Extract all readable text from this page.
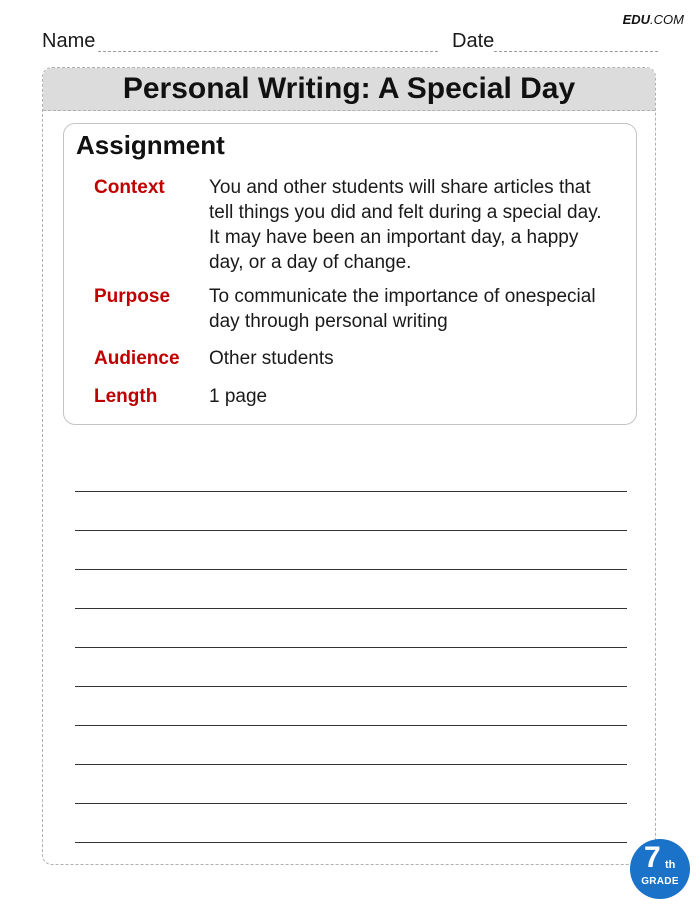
EDU.COM
Name	Date
Personal Writing: A Special Day
Assignment
Context	You and other students will share articles that tell things you did and felt during a special day. It may have been an important day, a happy day, or a day of change.
Purpose	To communicate the importance of onespecial day through personal writing
Audience	Other students
Length	1 page
7 th
GRADE
